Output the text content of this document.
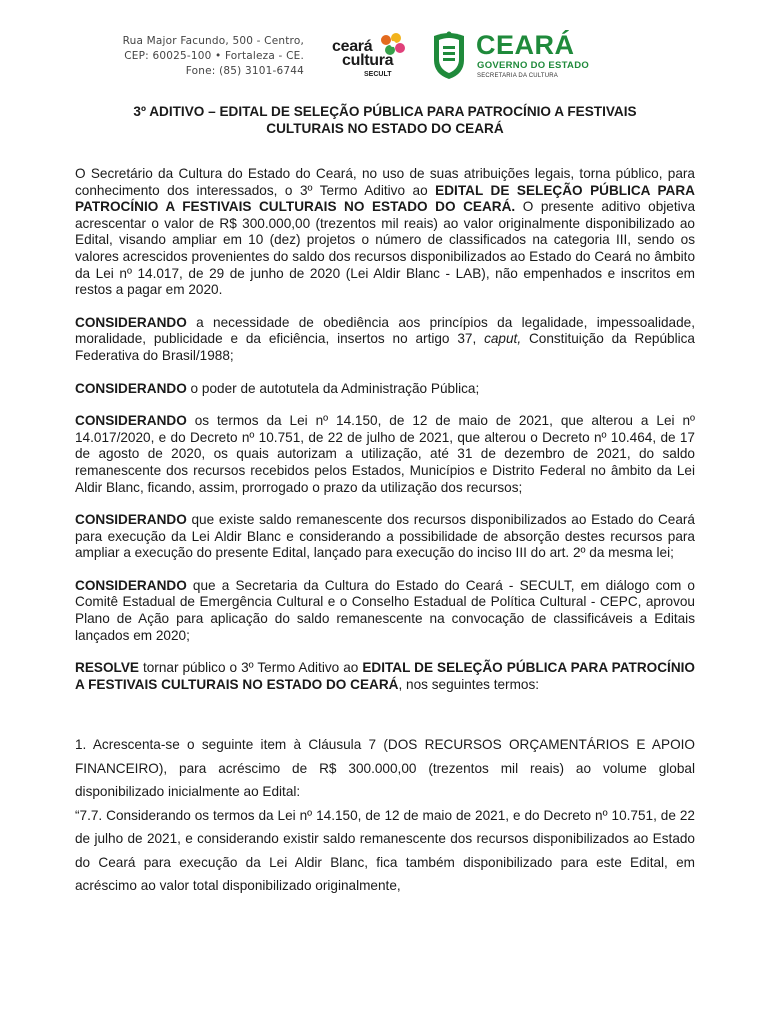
Rua Major Facundo, 500 - Centro,
CEP: 60025-100 • Fortaleza - CE.
Fone: (85) 3101-6744
ceará
cultura
SECULT
CEARÁ
GOVERNO DO ESTADO
SECRETARIA DA CULTURA
3º ADITIVO – EDITAL DE SELEÇÃO PÚBLICA PARA PATROCÍNIO A FESTIVAIS
CULTURAIS NO ESTADO DO CEARÁ

O Secretário da Cultura do Estado do Ceará, no uso de suas atribuições legais, torna público, para conhecimento dos interessados, o 3º Termo Aditivo ao EDITAL DE SELEÇÃO PÚBLICA PARA PATROCÍNIO A FESTIVAIS CULTURAIS NO ESTADO DO CEARÁ. O presente aditivo objetiva acrescentar o valor de R$ 300.000,00 (trezentos mil reais) ao valor originalmente disponibilizado ao Edital, visando ampliar em 10 (dez) projetos o número de classificados na categoria III, sendo os valores acrescidos provenientes do saldo dos recursos disponibilizados ao Estado do Ceará no âmbito da Lei nº 14.017, de 29 de junho de 2020 (Lei Aldir Blanc - LAB), não empenhados e inscritos em restos a pagar em 2020.

CONSIDERANDO a necessidade de obediência aos princípios da legalidade, impessoalidade, moralidade, publicidade e da eficiência, insertos no artigo 37, caput, Constituição da República Federativa do Brasil/1988;

CONSIDERANDO o poder de autotutela da Administração Pública;

CONSIDERANDO os termos da Lei nº 14.150, de 12 de maio de 2021, que alterou a Lei nº 14.017/2020, e do Decreto nº 10.751, de 22 de julho de 2021, que alterou o Decreto nº 10.464, de 17 de agosto de 2020, os quais autorizam a utilização, até 31 de dezembro de 2021, do saldo remanescente dos recursos recebidos pelos Estados, Municípios e Distrito Federal no âmbito da Lei Aldir Blanc, ficando, assim, prorrogado o prazo da utilização dos recursos;

CONSIDERANDO que existe saldo remanescente dos recursos disponibilizados ao Estado do Ceará para execução da Lei Aldir Blanc e considerando a possibilidade de absorção destes recursos para ampliar a execução do presente Edital, lançado para execução do inciso III do art. 2º da mesma lei;

CONSIDERANDO que a Secretaria da Cultura do Estado do Ceará - SECULT, em diálogo com o Comitê Estadual de Emergência Cultural e o Conselho Estadual de Política Cultural - CEPC, aprovou Plano de Ação para aplicação do saldo remanescente na convocação de classificáveis a Editais lançados em 2020;

RESOLVE tornar público o 3º Termo Aditivo ao EDITAL DE SELEÇÃO PÚBLICA PARA PATROCÍNIO A FESTIVAIS CULTURAIS NO ESTADO DO CEARÁ, nos seguintes termos:

1. Acrescenta-se o seguinte item à Cláusula 7 (DOS RECURSOS ORÇAMENTÁRIOS E APOIO FINANCEIRO), para acréscimo de R$ 300.000,00 (trezentos mil reais) ao volume global disponibilizado inicialmente ao Edital:

“7.7. Considerando os termos da Lei nº 14.150, de 12 de maio de 2021, e do Decreto nº 10.751, de 22 de julho de 2021, e considerando existir saldo remanescente dos recursos disponibilizados ao Estado do Ceará para execução da Lei Aldir Blanc, fica também disponibilizado para este Edital, em acréscimo ao valor total disponibilizado originalmente,
